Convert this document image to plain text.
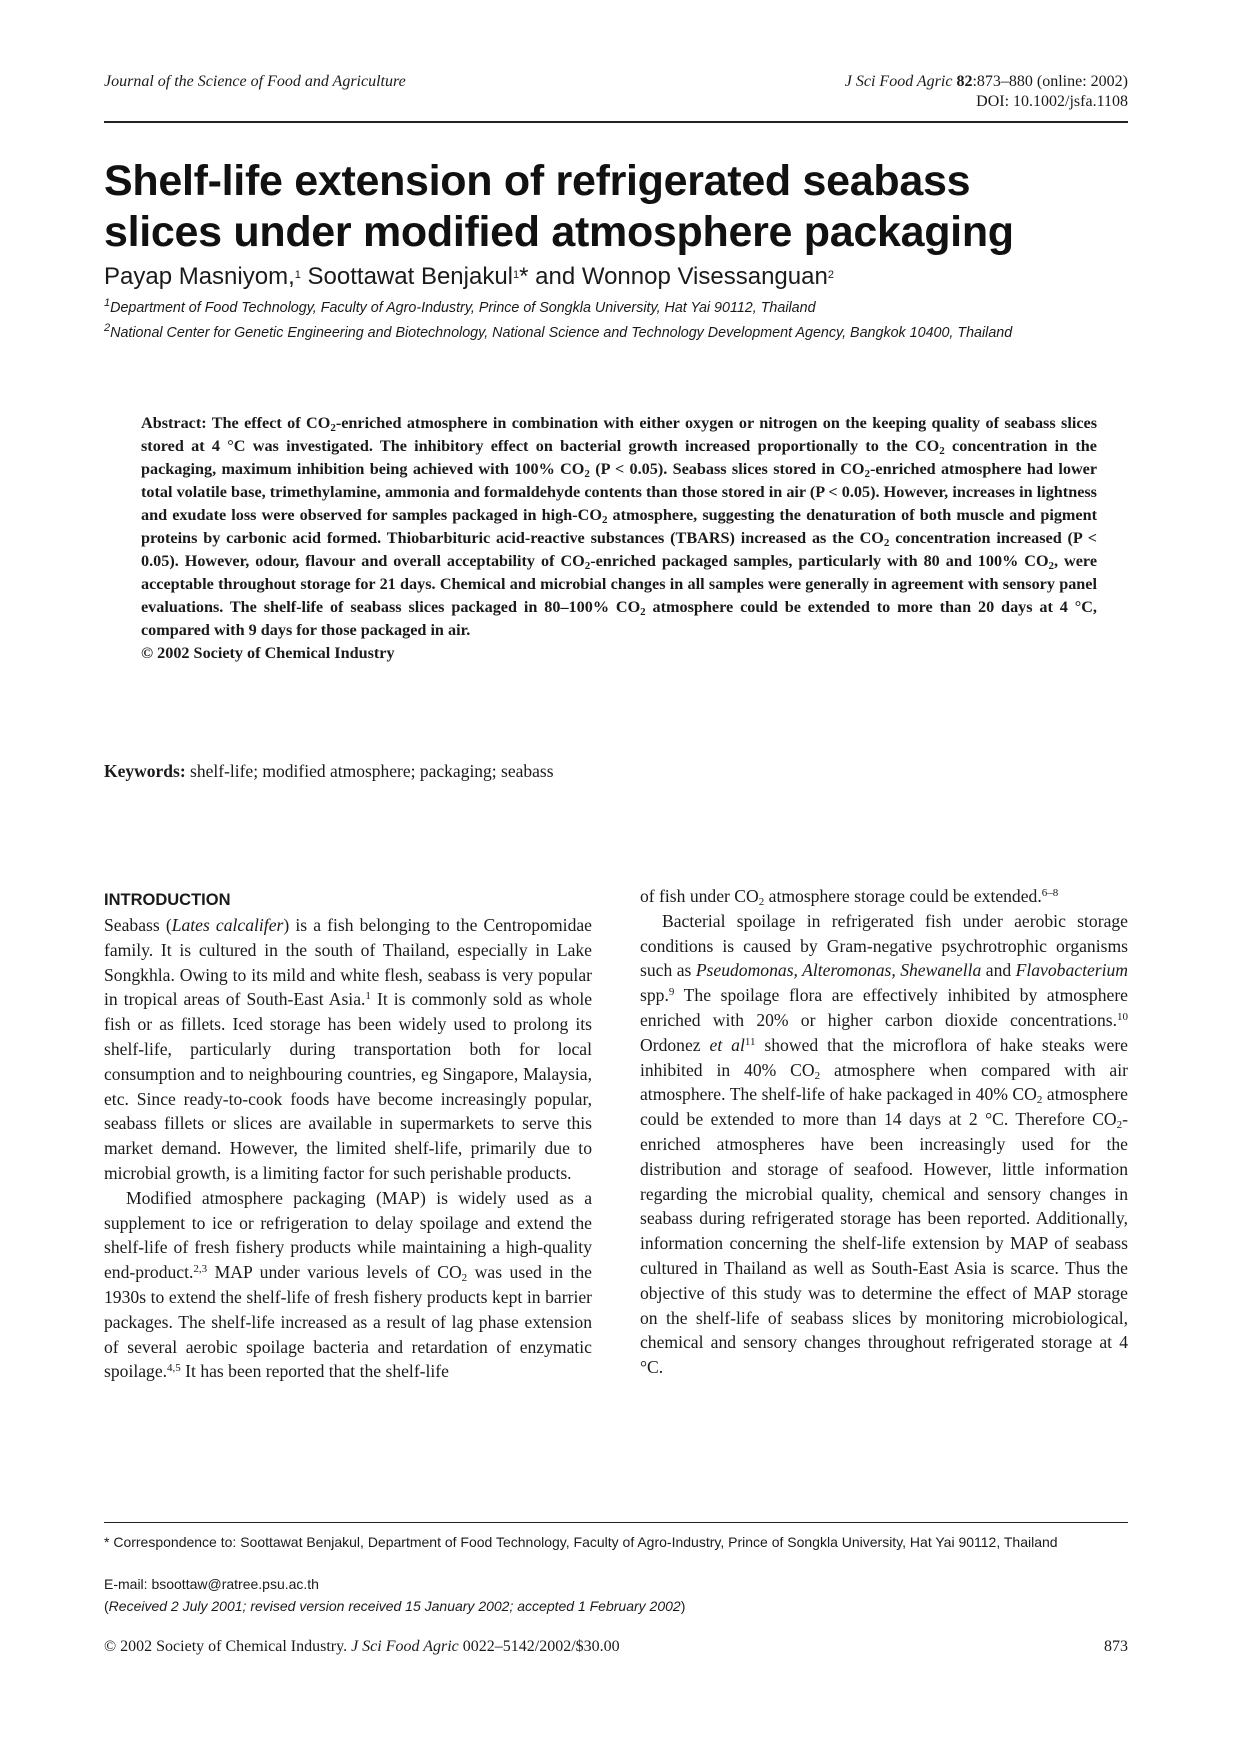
Journal of the Science of Food and Agriculture	J Sci Food Agric 82:873–880 (online: 2002)
DOI: 10.1002/jsfa.1108
Shelf-life extension of refrigerated seabass
slices under modified atmosphere packaging
Payap Masniyom,$^1$ Soottawat Benjakul$^1$* and Wonnop Visessanguan$^2$
$^1$Department of Food Technology, Faculty of Agro-Industry, Prince of Songkla University, Hat Yai 90112, Thailand
$^2$National Center for Genetic Engineering and Biotechnology, National Science and Technology Development Agency, Bangkok 10400, Thailand
Abstract: The effect of $CO_2$-enriched atmosphere in combination with either oxygen or nitrogen on the keeping quality of seabass slices stored at 4 °C was investigated. The inhibitory effect on bacterial growth increased proportionally to the $CO_2$ concentration in the packaging, maximum inhibition being achieved with 100% $CO_2$ (P < 0.05). Seabass slices stored in $CO_2$-enriched atmosphere had lower total volatile base, trimethylamine, ammonia and formaldehyde contents than those stored in air (P < 0.05). However, increases in lightness and exudate loss were observed for samples packaged in high-$CO_2$ atmosphere, suggesting the denaturation of both muscle and pigment proteins by carbonic acid formed. Thiobarbituric acid-reactive substances (TBARS) increased as the $CO_2$ concentration increased (P < 0.05). However, odour, flavour and overall acceptability of $CO_2$-enriched packaged samples, particularly with 80 and 100% $CO_2$, were acceptable throughout storage for 21 days. Chemical and microbial changes in all samples were generally in agreement with sensory panel evaluations. The shelf-life of seabass slices packaged in 80–100% $CO_2$ atmosphere could be extended to more than 20 days at 4 °C, compared with 9 days for those packaged in air.
© 2002 Society of Chemical Industry
Keywords: shelf-life; modified atmosphere; packaging; seabass
INTRODUCTION

Seabass (Lates calcalifer) is a fish belonging to the Centropomidae family. It is cultured in the south of Thailand, especially in Lake Songkhla. Owing to its mild and white flesh, seabass is very popular in tropical areas of South-East Asia.$^1$ It is commonly sold as whole fish or as fillets. Iced storage has been widely used to prolong its shelf-life, particularly during transportation both for local consumption and to neighbouring countries, eg Singapore, Malaysia, etc. Since ready-to-cook foods have become increasingly popular, seabass fillets or slices are available in supermarkets to serve this market demand. However, the limited shelf-life, primarily due to microbial growth, is a limiting factor for such perishable products.

Modified atmosphere packaging (MAP) is widely used as a supplement to ice or refrigeration to delay spoilage and extend the shelf-life of fresh fishery products while maintaining a high-quality end-product.$^{2,3}$ MAP under various levels of $CO_2$ was used in the 1930s to extend the shelf-life of fresh fishery products kept in barrier packages. The shelf-life increased as a result of lag phase extension of several aerobic spoilage bacteria and retardation of enzymatic spoilage.$^{4,5}$ It has been reported that the shelf-life

of fish under $CO_2$ atmosphere storage could be extended.$^{6-8}$

Bacterial spoilage in refrigerated fish under aerobic storage conditions is caused by Gram-negative psychrotrophic organisms such as Pseudomonas, Alteromonas, Shewanella and Flavobacterium spp.$^9$ The spoilage flora are effectively inhibited by atmosphere enriched with 20% or higher carbon dioxide concentrations.$^{10}$ Ordonez et $al^{11}$ showed that the microflora of hake steaks were inhibited in 40% $CO_2$ atmosphere when compared with air atmosphere. The shelf-life of hake packaged in 40% $CO_2$ atmosphere could be extended to more than 14 days at 2 °C. Therefore $CO_2$-enriched atmospheres have been increasingly used for the distribution and storage of seafood. However, little information regarding the microbial quality, chemical and sensory changes in seabass during refrigerated storage has been reported. Additionally, information concerning the shelf-life extension by MAP of seabass cultured in Thailand as well as South-East Asia is scarce. Thus the objective of this study was to determine the effect of MAP storage on the shelf-life of seabass slices by monitoring microbiological, chemical and sensory changes throughout refrigerated storage at 4 °C.

* Correspondence to: Soottawat Benjakul, Department of Food Technology, Faculty of Agro-Industry, Prince of Songkla University, Hat Yai 90112, Thailand
E-mail: bsoottaw@ratree.psu.ac.th
(Received 2 July 2001; revised version received 15 January 2002; accepted 1 February 2002)
© 2002 Society of Chemical Industry. J Sci Food Agric 0022–5142/2002/$30.00	873
